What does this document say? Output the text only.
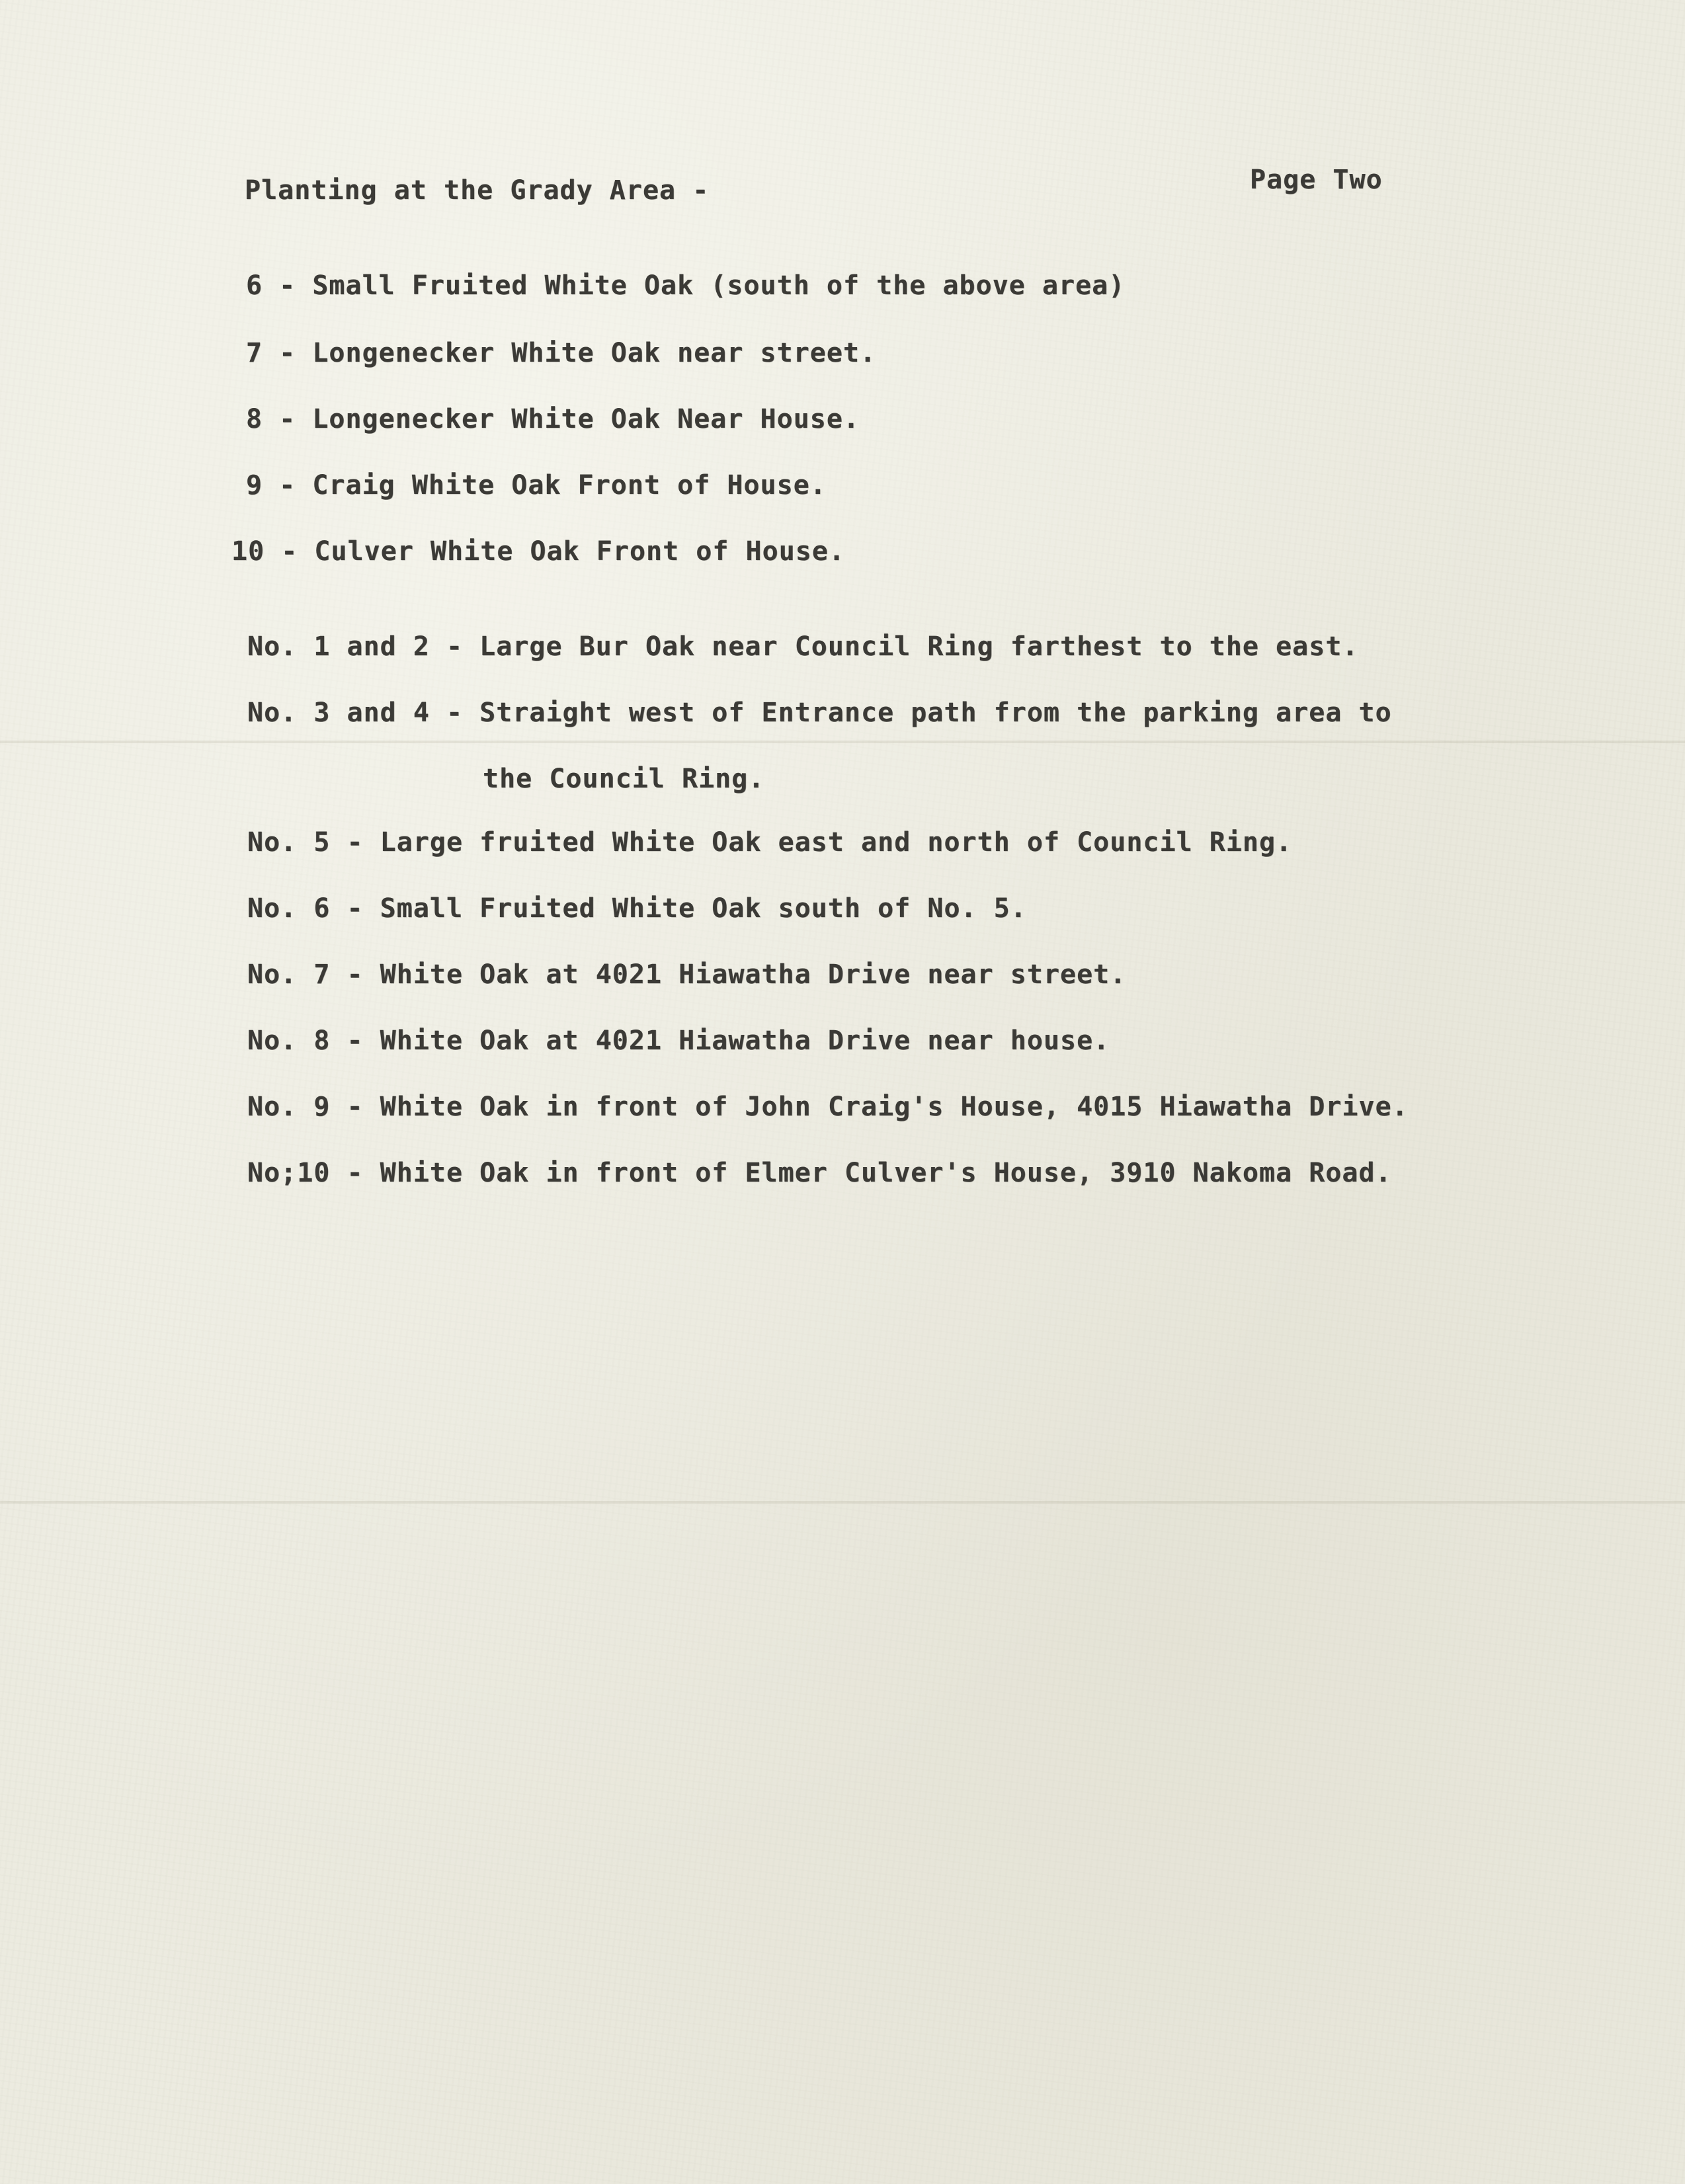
Planting at the Grady Area -	Page Two
6 - Small Fruited White Oak (south of the above area)
7 - Longenecker White Oak near street.
8 - Longenecker White Oak Near House.
9 - Craig White Oak Front of House.
10 - Culver White Oak Front of House.
No. 1 and 2 - Large Bur Oak near Council Ring farthest to the east.
No. 3 and 4 - Straight west of Entrance path from the parking area to
the Council Ring.
No. 5 - Large fruited White Oak east and north of Council Ring.
No. 6 - Small Fruited White Oak south of No. 5.
No. 7 - White Oak at 4021 Hiawatha Drive near street.
No. 8 - White Oak at 4021 Hiawatha Drive near house.
No. 9 - White Oak in front of John Craig's House, 4015 Hiawatha Drive.
No;10 - White Oak in front of Elmer Culver's House, 3910 Nakoma Road.
